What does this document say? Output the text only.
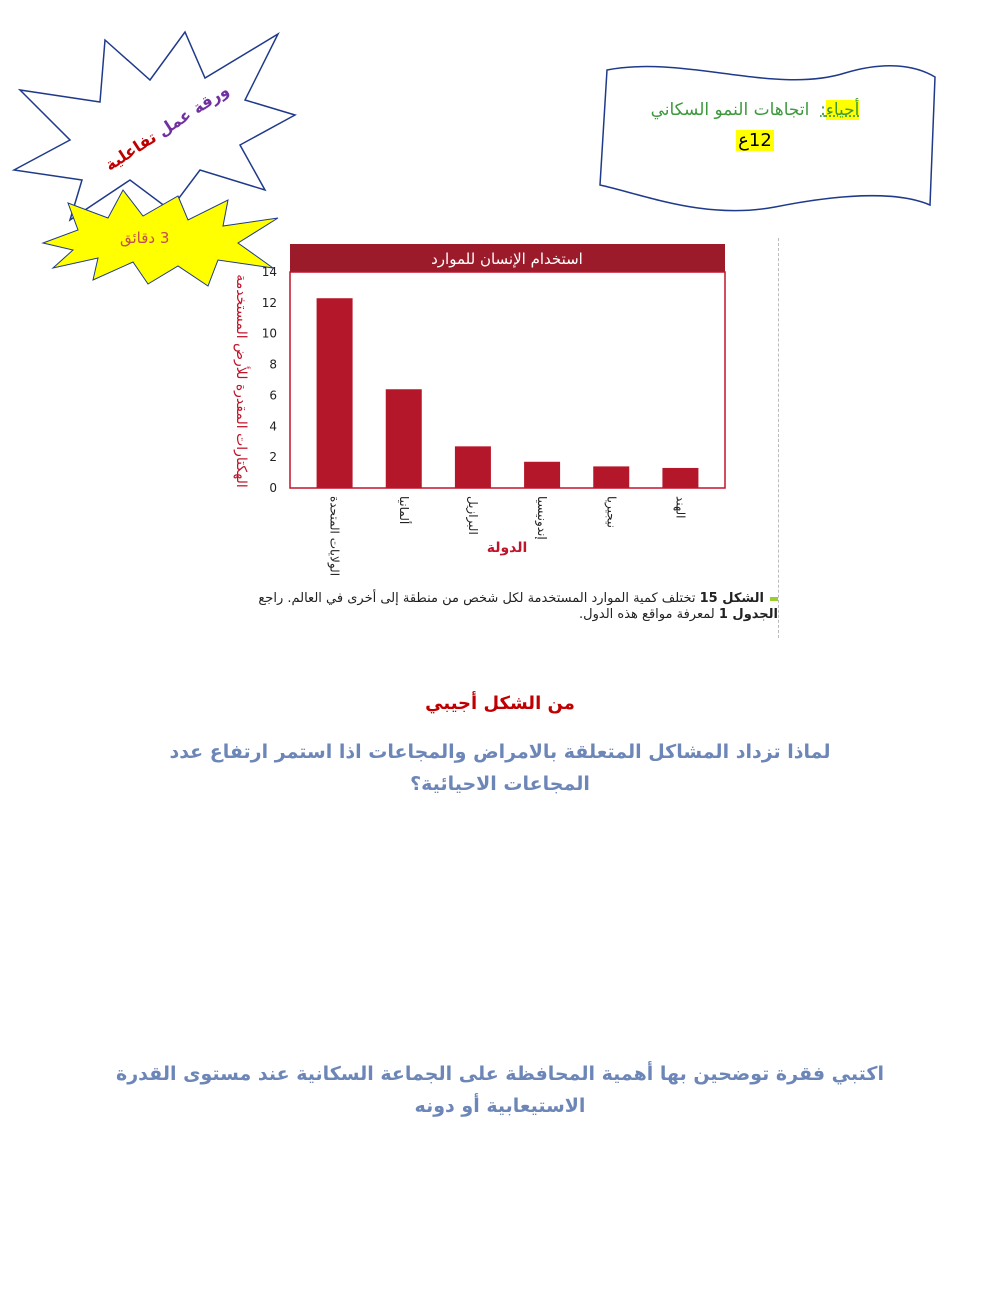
أحياء:  اتجاهات النمو السكاني
12ع
ورقة عمل تفاعلية
3 دقائق
استخدام الإنسان للموارد
0
2
4
6
8
10
12
14
الولايات المتحدة	ألمانيا	البرازيل	إندونيسيا	نيجيريا	الهند
الهكتارات المقدرة للأرض المستخدمة
الدولة
الشكل 15 تختلف كمية الموارد المستخدمة لكل شخص من منطقة إلى أخرى في العالم. راجع الجدول 1 لمعرفة مواقع هذه الدول.
من الشكل أجيبي
لماذا تزداد المشاكل المتعلقة بالامراض والمجاعات اذا استمر ارتفاع عدد المجاعات الاحيائية؟
اكتبي فقرة توضحين بها أهمية المحافظة على الجماعة السكانية عند مستوى القدرة الاستيعابية أو دونه
